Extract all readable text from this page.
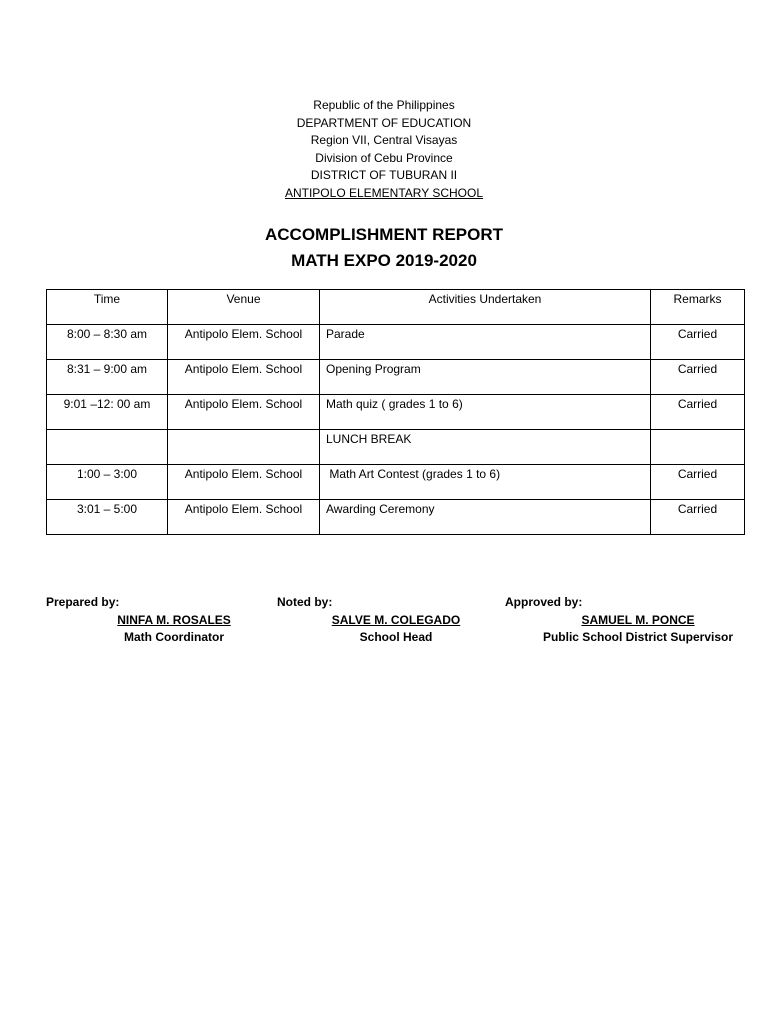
Republic of the Philippines
DEPARTMENT OF EDUCATION
Region VII, Central Visayas
Division of Cebu Province
DISTRICT OF TUBURAN II
ANTIPOLO ELEMENTARY SCHOOL
ACCOMPLISHMENT REPORT
MATH EXPO 2019-2020
Time	Venue	Activities Undertaken	Remarks
8:00 – 8:30 am	Antipolo Elem. School	Parade	Carried
8:31 – 9:00 am	Antipolo Elem. School	Opening Program	Carried
9:01 –12: 00 am	Antipolo Elem. School	Math quiz ( grades 1 to 6)	Carried
		LUNCH BREAK	
1:00 – 3:00	Antipolo Elem. School	Math Art Contest (grades 1 to 6)	Carried
3:01 – 5:00	Antipolo Elem. School	Awarding Ceremony	Carried
Prepared by:
NINFA M. ROSALES
Math Coordinator
Noted by:
SALVE M. COLEGADO
School Head
Approved by:
SAMUEL M. PONCE
Public School District Supervisor
